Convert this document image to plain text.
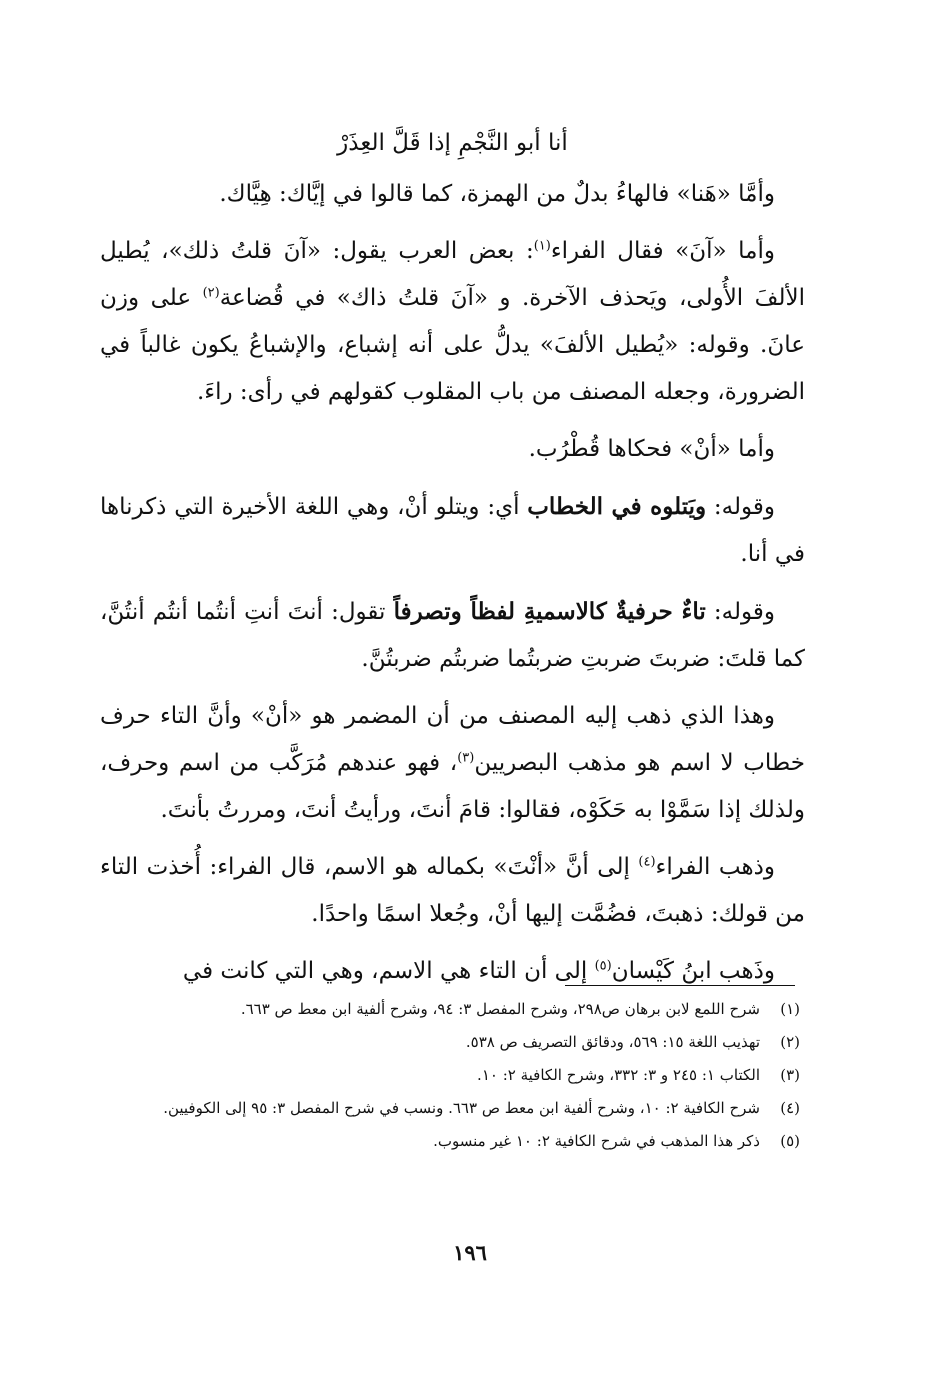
أنا أبو النَّجْمِ إذا قَلَّ العِذَرْ

وأمَّا «هَنا» فالهاءُ بدلٌ من الهمزة، كما قالوا في إيَّاك: هِيَّاك.

وأما «آنَ» فقال الفراء$^{(١)}$: بعض العرب يقول: «آنَ قلتُ ذلك»، يُطيل الألفَ الأُولى، ويَحذف الآخرة. و «آنَ قلتُ ذاك» في قُضاعة$^{(٢)}$ على وزن عانَ. وقوله: «يُطيل الألفَ» يدلُّ على أنه إشباع، والإشباعُ يكون غالباً في الضرورة، وجعله المصنف من باب المقلوب كقولهم في رأى: راءَ.

وأما «أنْ» فحكاها قُطْرُب.

وقوله: ويَتلوه في الخطاب أي: ويتلو أنْ، وهي اللغة الأخيرة التي ذكرناها في أنا.

وقوله: تاءٌ حرفيةٌ كالاسميةِ لفظاً وتصرفاً تقول: أنتَ أنتِ أنتُما أنتُم أنتُنَّ، كما قلتَ: ضربتَ ضربتِ ضربتُما ضربتُم ضربتُنَّ.

وهذا الذي ذهب إليه المصنف من أن المضمر هو «أنْ» وأنَّ التاء حرف خطاب لا اسم هو مذهب البصريين$^{(٣)}$، فهو عندهم مُرَكَّب من اسم وحرف، ولذلك إذا سَمَّوْا به حَكَوْه، فقالوا: قامَ أنتَ، ورأيتُ أنتَ، ومررتُ بأنتَ.

وذهب الفراء$^{(٤)}$ إلى أنَّ «أنْتَ» بكماله هو الاسم، قال الفراء: أُخذت التاء من قولك: ذهبتَ، فضُمَّت إليها أنْ، وجُعلا اسمًا واحدًا.

وذَهب ابنُ كَيْسان$^{(٥)}$ إلى أن التاء هي الاسم، وهي التي كانت في

(١)
شرح اللمع لابن برهان ص٢٩٨، وشرح المفصل ٣: ٩٤، وشرح ألفية ابن معط ص ٦٦٣.
(٢)
تهذيب اللغة ١٥: ٥٦٩، ودقائق التصريف ص ٥٣٨.
(٣)
الكتاب ١: ٢٤٥ و ٣: ٣٣٢، وشرح الكافية ٢: ١٠.
(٤)
شرح الكافية ٢: ١٠، وشرح ألفية ابن معط ص ٦٦٣. ونسب في شرح المفصل ٣: ٩٥ إلى الكوفيين.
(٥)
ذكر هذا المذهب في شرح الكافية ٢: ١٠ غير منسوب.
١٩٦
